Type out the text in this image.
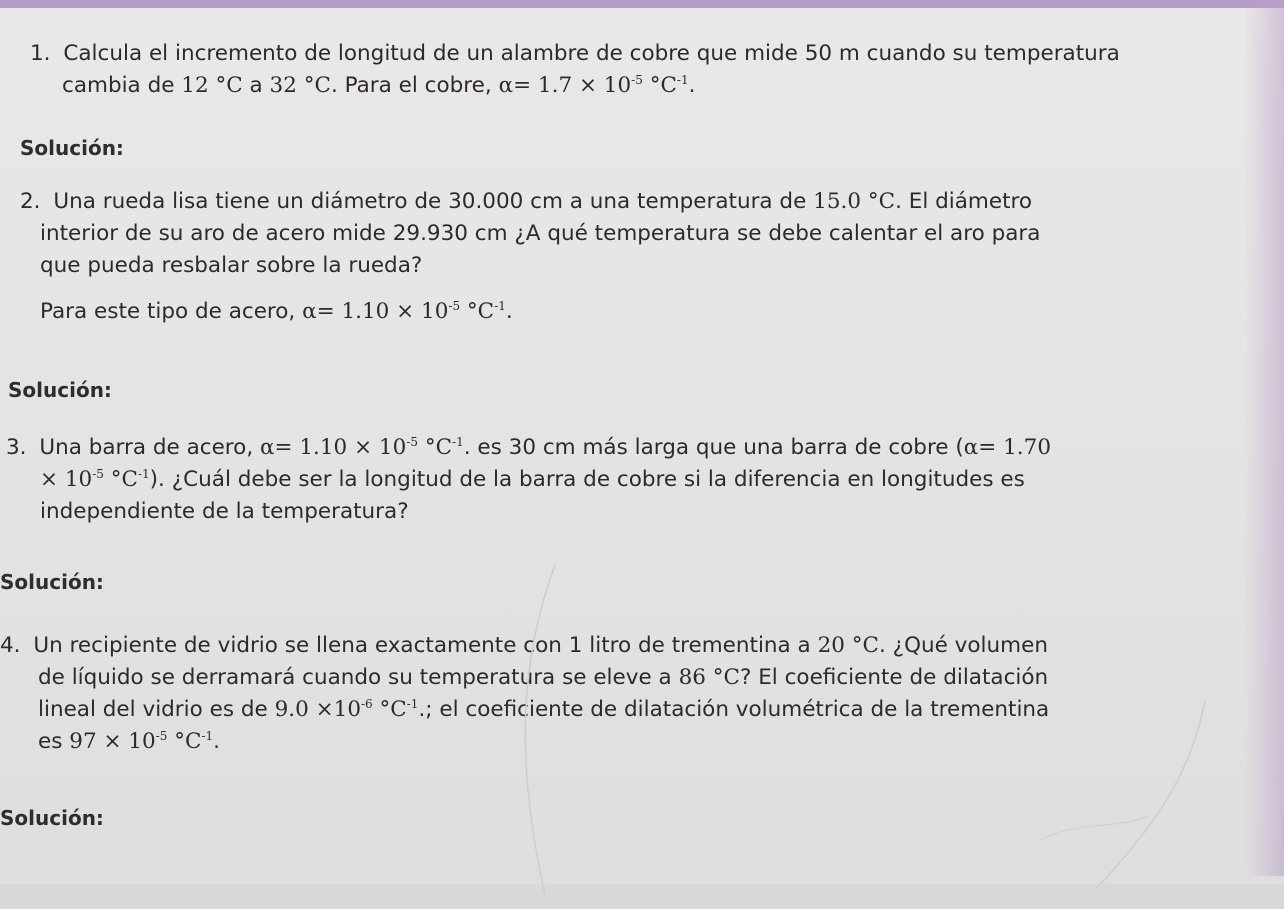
1. Calcula el incremento de longitud de un alambre de cobre que mide 50 m cuando su temperatura
cambia de 12 °C a 32 °C. Para el cobre, $\alpha= 1.7 \times 10^{-5}$ $^\circ C^{-1}$.
Solución:
2. Una rueda lisa tiene un diámetro de 30.000 cm a una temperatura de 15.0 °C. El diámetro
interior de su aro de acero mide 29.930 cm ¿A qué temperatura se debe calentar el aro para
que pueda resbalar sobre la rueda?
Para este tipo de acero, $\alpha= 1.10 \times 10^{-5}$ $^\circ C^{-1}$.
Solución:
3. Una barra de acero, $\alpha= 1.10 \times 10^{-5}$ $^\circ C^{-1}$. es 30 cm más larga que una barra de cobre (α= 1.70
× $10^{-5}$ $^\circ C^{-1}$). ¿Cuál debe ser la longitud de la barra de cobre si la diferencia en longitudes es
independiente de la temperatura?
Solución:
4. Un recipiente de vidrio se llena exactamente con 1 litro de trementina a 20 °C. ¿Qué volumen
de líquido se derramará cuando su temperatura se eleve a 86 °C? El coeficiente de dilatación
lineal del vidrio es de $9.0 \times 10^{-6}$ $^\circ C^{-1}$.; el coeficiente de dilatación volumétrica de la trementina
es $97 \times 10^{-5}$ $^\circ C^{-1}$.
Solución:
